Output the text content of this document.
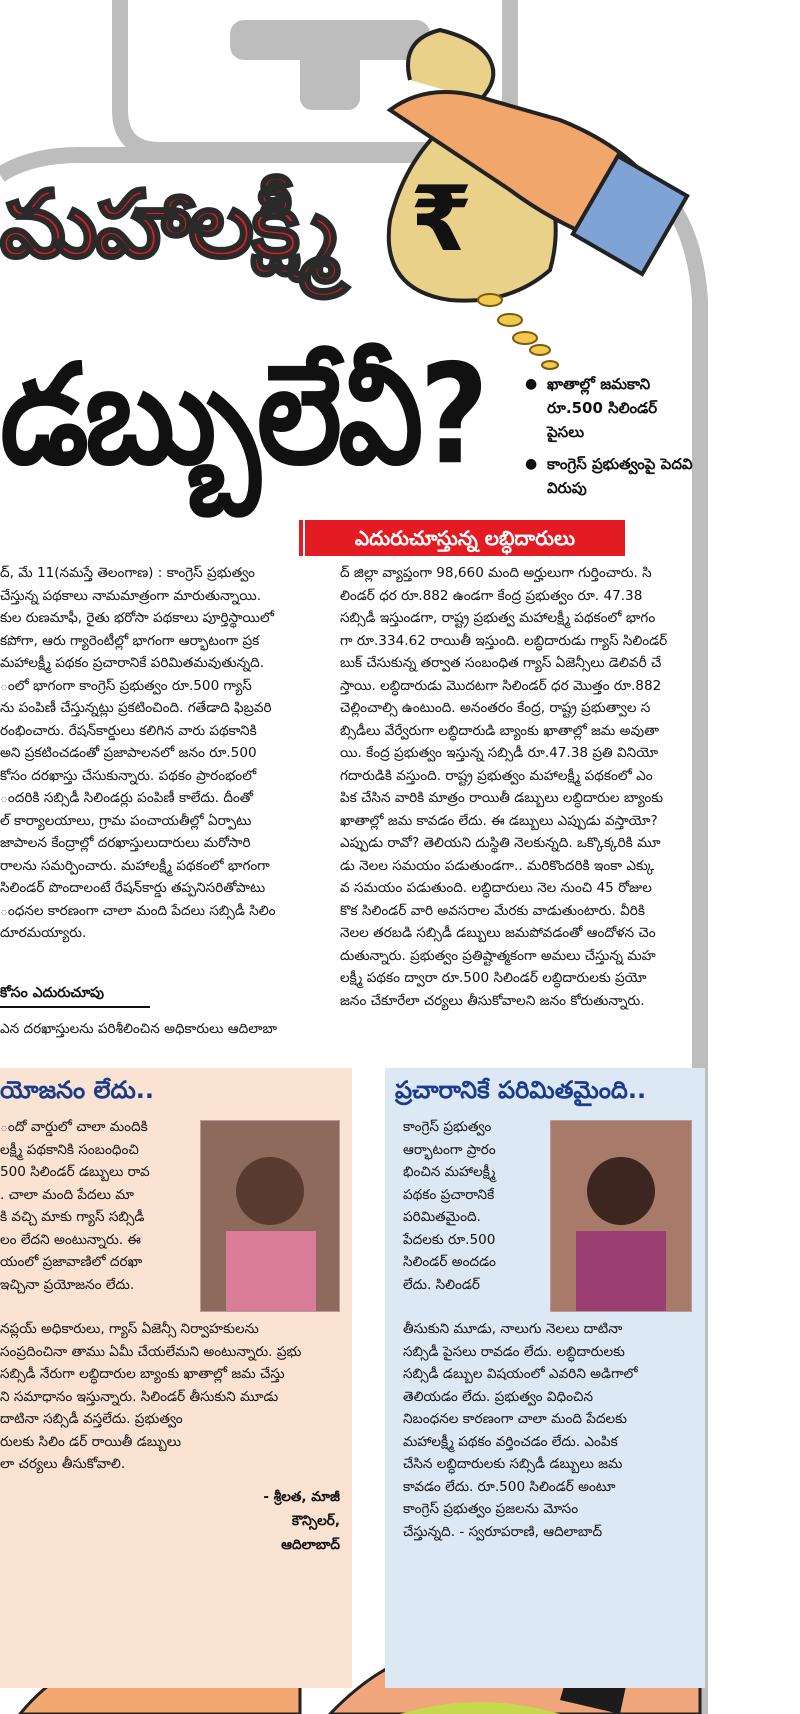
₹
మహాలక్ష్మీ
డబ్బులేవీ?
●	ఖాతాల్లో జమకాని రూ.500 సిలిండర్ పైసలు
● కాంగ్రెస్ ప్రభుత్వంపై పెదవి విరుపు
ఎదురుచూస్తున్న లబ్ధిదారులు
ద్, మే 11(నమస్తే తెలంగాణ) : కాంగ్రెస్ ప్రభుత్వం
చేస్తున్న పథకాలు నామమాత్రంగా మారుతున్నాయి.
కుల రుణమాఫీ, రైతు భరోసా పథకాలు పూర్తిస్థాయిలో
కపోగా, ఆరు గ్యారెంటీల్లో భాగంగా ఆర్భాటంగా ప్రక
మహాలక్ష్మీ పథకం ప్రచారానికే పరిమితమవుతున్నది.
ంలో భాగంగా కాంగ్రెస్ ప్రభుత్వం రూ.500 గ్యాస్
ను పంపిణీ చేస్తున్నట్లు ప్రకటించింది. గతేడాది ఫిబ్రవరి
రంభించారు. రేషన్‌కార్డులు కలిగిన వారు పథకానికి
అని ప్రకటించడంతో ప్రజాపాలనలో జనం రూ.500
కోసం దరఖాస్తు చేసుకున్నారు. పథకం ప్రారంభంలో
ందరికి సబ్సిడీ సిలిండర్లు పంపిణీ కాలేదు. దీంతో
ల్ కార్యాలయాలు, గ్రామ పంచాయతీల్లో ఏర్పాటు
జాపాలన కేంద్రాల్లో దరఖాస్తులుదారులు మరోసారి
రాలను సమర్పించారు. మహాలక్ష్మీ పథకంలో భాగంగా
సిలిండర్ పొందాలంటే రేషన్‌కార్డు తప్పనిసరితోపాటు
ంధనల కారణంగా చాలా మంది పేదలు సబ్సిడీ సిలిం
దూరమయ్యారు.
కోసం ఎదురుచూపు
ఎన దరఖాస్తులను పరిశీలించిన అధికారులు ఆదిలాబా
ద్ జిల్లా వ్యాప్తంగా 98,660 మంది అర్హులుగా గుర్తించారు. సి
లిండర్ ధర రూ.882 ఉండగా కేంద్ర ప్రభుత్వం రూ. 47.38
సబ్సిడీ ఇస్తుండగా, రాష్ట్ర ప్రభుత్వ మహాలక్ష్మీ పథకంలో భాగం
గా రూ.334.62 రాయితీ ఇస్తుంది. లబ్ధిదారుడు గ్యాస్ సిలిండర్
బుక్ చేసుకున్న తర్వాత సంబంధిత గ్యాస్ ఏజెన్సీలు డెలివరీ చే
స్తాయి. లబ్ధిదారుడు మొదటగా సిలిండర్ ధర మొత్తం రూ.882
చెల్లించాల్సి ఉంటుంది. అనంతరం కేంద్ర, రాష్ట్ర ప్రభుత్వాల స
బ్సిడీలు వేర్వేరుగా లబ్ధిదారుడి బ్యాంకు ఖాతాల్లో జమ అవుతా
యి. కేంద్ర ప్రభుత్వం ఇస్తున్న సబ్సిడీ రూ.47.38 ప్రతి వినియో
గదారుడికి వస్తుంది. రాష్ట్ర ప్రభుత్వం మహాలక్ష్మీ పథకంలో ఎం
పిక చేసిన వారికి మాత్రం రాయితీ డబ్బులు లబ్ధిదారుల బ్యాంకు
ఖాతాల్లో జమ కావడం లేదు. ఈ డబ్బులు ఎప్పుడు వస్తాయో?
ఎప్పుడు రావో? తెలియని దుస్థితి నెలకున్నది. ఒక్కొక్కరికి మూ
డు నెలల సమయం పడుతుండగా.. మరికొందరికి ఇంకా ఎక్కు
వ సమయం పడుతుంది. లబ్ధిదారులు నెల నుంచి 45 రోజుల
కొక సిలిండర్ వారి అవసరాల మేరకు వాడుతుంటారు. వీరికి
నెలల తరబడి సబ్సిడీ డబ్బులు జమపోవడంతో ఆందోళన చెం
దుతున్నారు. ప్రభుత్వం ప్రతిష్టాత్మకంగా అమలు చేస్తున్న మహ
లక్ష్మీ పథకం ద్వారా రూ.500 సిలిండర్ లబ్ధిదారులకు ప్రయో
జనం చేకూరేలా చర్యలు తీసుకోవాలని జనం కోరుతున్నారు.
యోజనం లేదు..	ప్రచారానికే పరిమితమైంది..
ందో వార్డులో చాలా మందికి
లక్ష్మీ పథకానికి సంబంధించి
500 సిలిండర్ డబ్బులు రావ
. చాలా మంది పేదలు మా
కి వచ్చి మాకు గ్యాస్ సబ్సిడీ
లం లేదని అంటున్నారు. ఈ
యంలో ప్రజావాణిలో దరఖా
ఇచ్చినా ప్రయోజనం లేదు.
నప్లయ్ అధికారులు, గ్యాస్ ఏజెన్సీ నిర్వాహకులను
సంప్రదించినా తాము ఏమీ చేయలేమని అంటున్నారు. ప్రభు
సబ్సిడీ నేరుగా లబ్ధిదారుల బ్యాంకు ఖాతాల్లో జమ చేస్తు
ని సమాధానం ఇస్తున్నారు. సిలిండర్ తీసుకుని మూడు
దాటినా సబ్సిడీ వస్తలేదు. ప్రభుత్వం
రులకు సిలిం డర్ రాయితీ డబ్బులు
లా చర్యలు తీసుకోవాలి.
- శ్రీలత, మాజీ
కౌన్సిలర్,
ఆదిలాబాద్
కాంగ్రెస్ ప్రభుత్వం
ఆర్భాటంగా ప్రారం
భించిన మహాలక్ష్మీ
పథకం ప్రచారానికే
పరిమితమైంది.
పేదలకు రూ.500
సిలిండర్ అందడం
లేదు. సిలిండర్
తీసుకుని మూడు, నాలుగు నెలలు దాటినా
సబ్సిడీ పైసలు రావడం లేదు. లబ్ధిదారులకు
సబ్సిడీ డబ్బుల విషయంలో ఎవరిని అడిగాలో
తెలియడం లేదు. ప్రభుత్వం విధించిన
నిబంధనల కారణంగా చాలా మంది పేదలకు
మహాలక్ష్మీ పథకం వర్తించడం లేదు. ఎంపిక
చేసిన లబ్ధిదారులకు సబ్సిడీ డబ్బులు జమ
కావడం లేదు. రూ.500 సిలిండర్ అంటూ
కాంగ్రెస్ ప్రభుత్వం ప్రజలను మోసం
చేస్తున్నది. - స్వరూపరాణి, ఆదిలాబాద్
